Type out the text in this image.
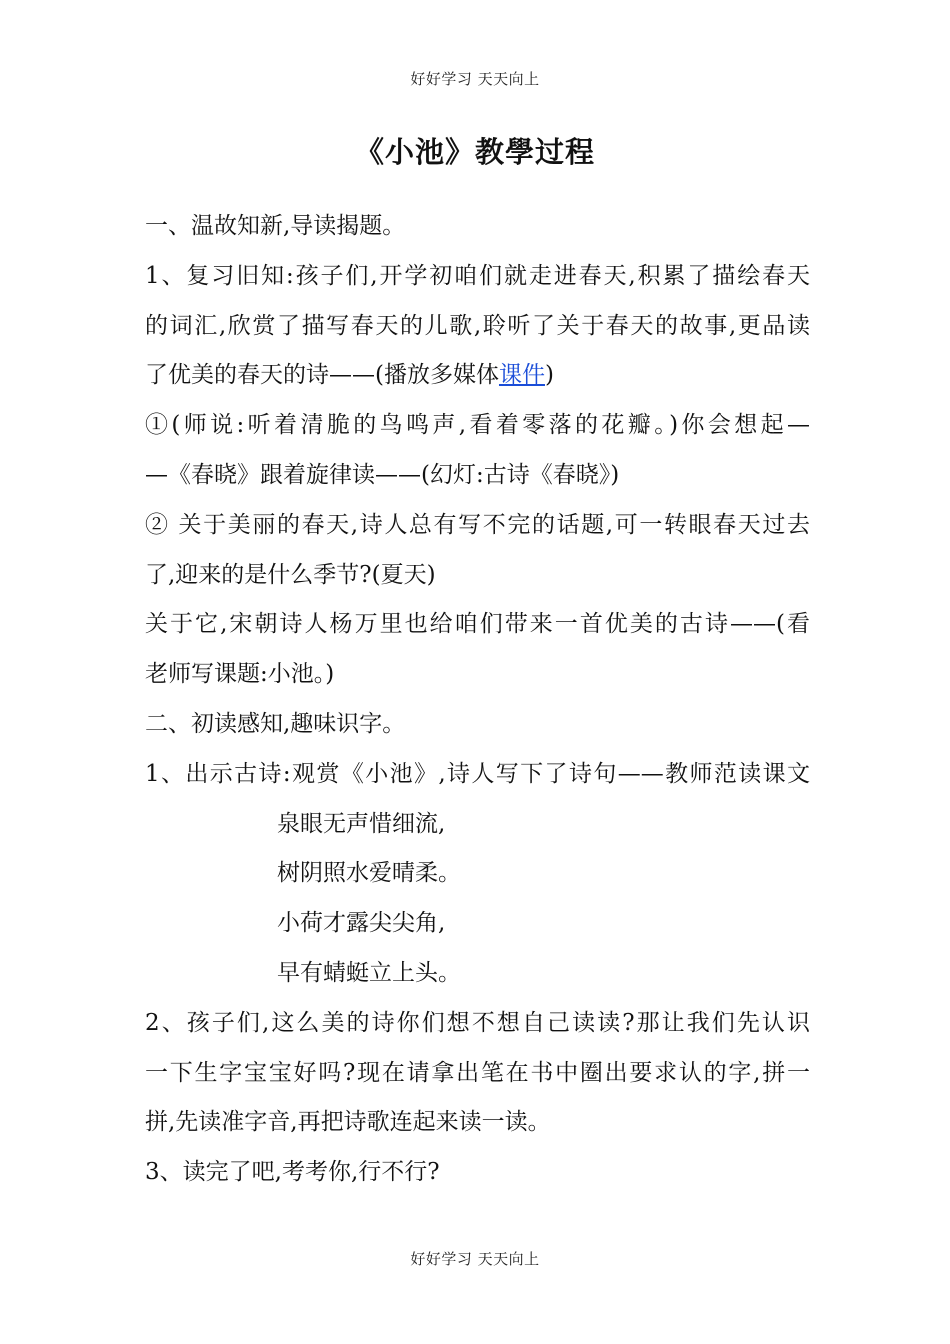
好好学习 天天向上
《小池》教學过程
一、温故知新,导读揭题。
1、复习旧知:孩子们,开学初咱们就走进春天,积累了描绘春天
的词汇,欣赏了描写春天的儿歌,聆听了关于春天的故事,更品读
了优美的春天的诗——(播放多媒体课件)
①(师说:听着清脆的鸟鸣声,看着零落的花瓣。)你会想起—
—《春晓》跟着旋律读——(幻灯:古诗《春晓》)
② 关于美丽的春天,诗人总有写不完的话题,可一转眼春天过去
了,迎来的是什么季节?(夏天)
关于它,宋朝诗人杨万里也给咱们带来一首优美的古诗——(看
老师写课题:小池。)
二、初读感知,趣味识字。
1、出示古诗:观赏《小池》,诗人写下了诗句——教师范读课文
泉眼无声惜细流,
树阴照水爱晴柔。
小荷才露尖尖角,
早有蜻蜓立上头。
2、孩子们,这么美的诗你们想不想自己读读?那让我们先认识
一下生字宝宝好吗?现在请拿出笔在书中圈出要求认的字,拼一
拼,先读准字音,再把诗歌连起来读一读。
3、读完了吧,考考你,行不行?
好好学习 天天向上
